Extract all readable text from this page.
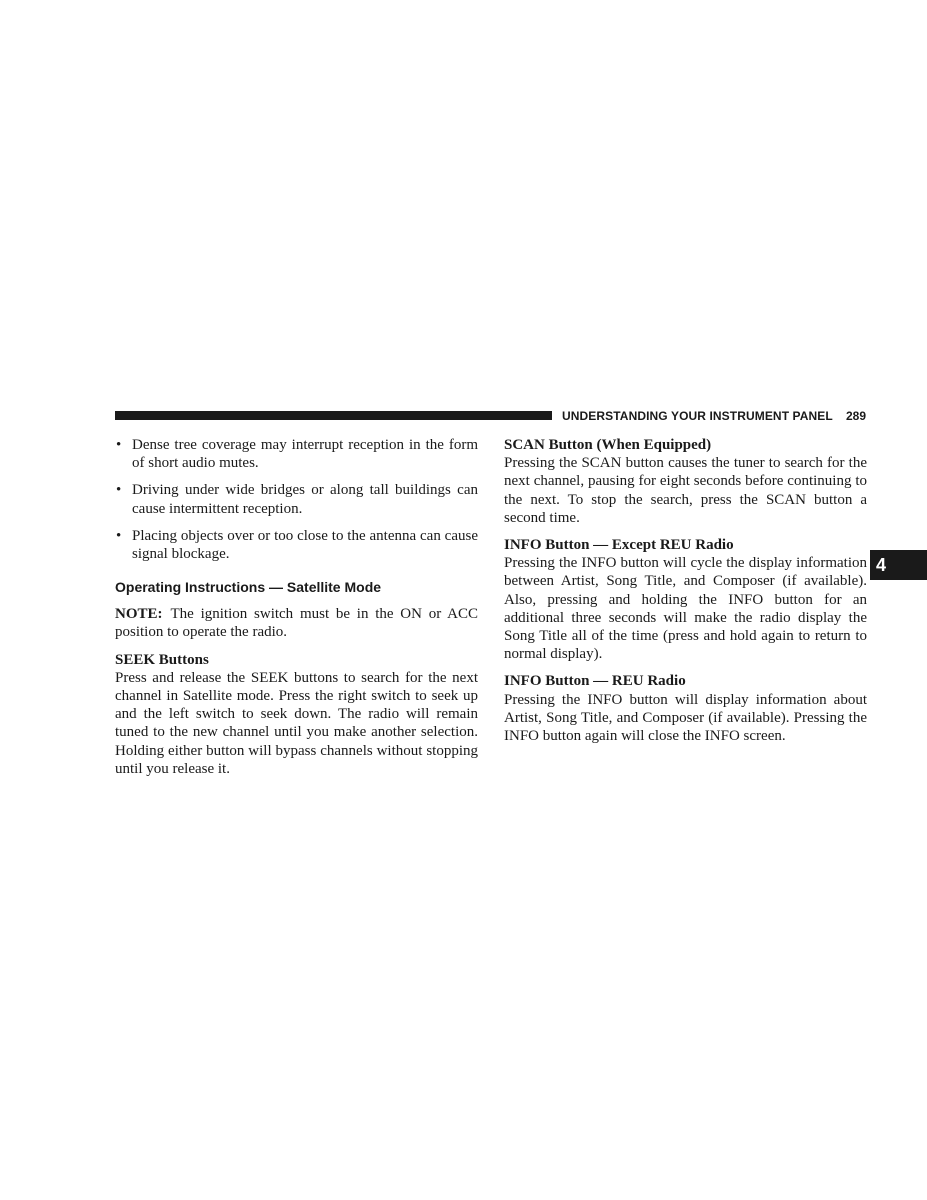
UNDERSTANDING YOUR INSTRUMENT PANEL 289
4
• Dense tree coverage may interrupt reception in the form of short audio mutes.
• Driving under wide bridges or along tall buildings can cause intermittent reception.
• Placing objects over or too close to the antenna can cause signal blockage.
Operating Instructions — Satellite Mode

NOTE: The ignition switch must be in the ON or ACC position to operate the radio.

SEEK Buttons

Press and release the SEEK buttons to search for the next channel in Satellite mode. Press the right switch to seek up and the left switch to seek down. The radio will remain tuned to the new channel until you make another selection. Holding either button will bypass channels without stopping until you release it.

SCAN Button (When Equipped)

Pressing the SCAN button causes the tuner to search for the next channel, pausing for eight seconds before continuing to the next. To stop the search, press the SCAN button a second time.

INFO Button — Except REU Radio

Pressing the INFO button will cycle the display information between Artist, Song Title, and Composer (if available). Also, pressing and holding the INFO button for an additional three seconds will make the radio display the Song Title all of the time (press and hold again to return to normal display).

INFO Button — REU Radio

Pressing the INFO button will display information about Artist, Song Title, and Composer (if available). Pressing the INFO button again will close the INFO screen.
